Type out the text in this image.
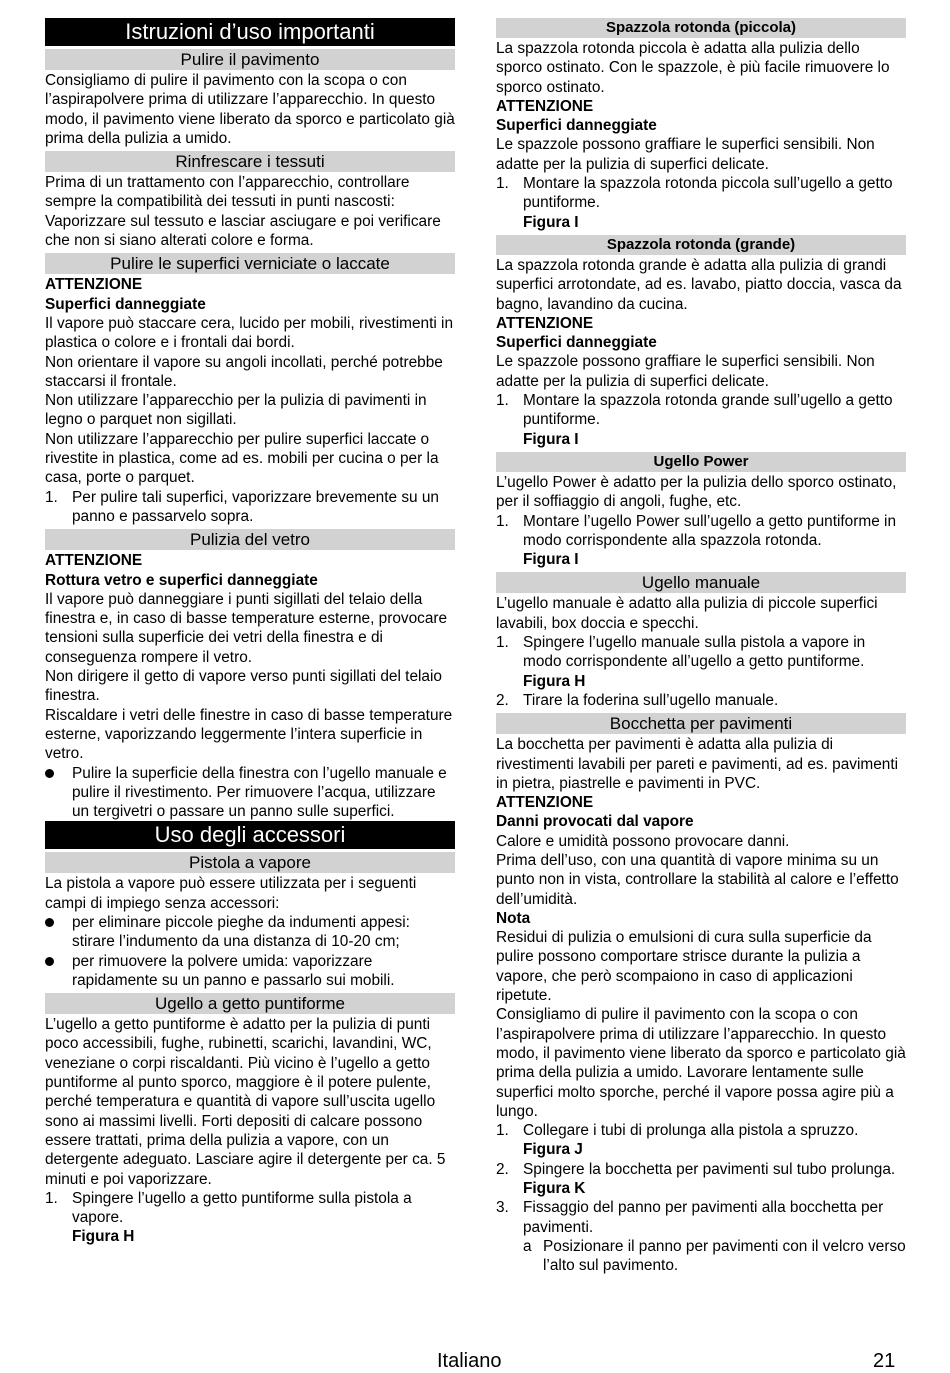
Istruzioni d’uso importanti
Pulire il pavimento
Consigliamo di pulire il pavimento con la scopa o con l’aspirapolvere prima di utilizzare l’apparecchio. In questo modo, il pavimento viene liberato da sporco e particolato già prima della pulizia a umido.
Rinfrescare i tessuti
Prima di un trattamento con l’apparecchio, controllare sempre la compatibilità dei tessuti in punti nascosti: Vaporizzare sul tessuto e lasciar asciugare e poi verificare che non si siano alterati colore e forma.
Pulire le superfici verniciate o laccate
ATTENZIONE
Superfici danneggiate
Il vapore può staccare cera, lucido per mobili, rivestimenti in plastica o colore e i frontali dai bordi.
Non orientare il vapore su angoli incollati, perché potrebbe staccarsi il frontale.
Non utilizzare l’apparecchio per la pulizia di pavimenti in legno o parquet non sigillati.
Non utilizzare l’apparecchio per pulire superfici laccate o rivestite in plastica, come ad es. mobili per cucina o per la casa, porte o parquet.
1. Per pulire tali superfici, vaporizzare brevemente su un panno e passarvelo sopra.
Pulizia del vetro
ATTENZIONE
Rottura vetro e superfici danneggiate
Il vapore può danneggiare i punti sigillati del telaio della finestra e, in caso di basse temperature esterne, provocare tensioni sulla superficie dei vetri della finestra e di conseguenza rompere il vetro.
Non dirigere il getto di vapore verso punti sigillati del telaio finestra.
Riscaldare i vetri delle finestre in caso di basse temperature esterne, vaporizzando leggermente l’intera superficie in vetro.
Pulire la superficie della finestra con l’ugello manuale e pulire il rivestimento. Per rimuovere l’acqua, utilizzare un tergivetri o passare un panno sulle superfici.
Uso degli accessori
Pistola a vapore
La pistola a vapore può essere utilizzata per i seguenti campi di impiego senza accessori:
per eliminare piccole pieghe da indumenti appesi: stirare l’indumento da una distanza di 10-20 cm;
per rimuovere la polvere umida: vaporizzare rapidamente su un panno e passarlo sui mobili.
Ugello a getto puntiforme
L’ugello a getto puntiforme è adatto per la pulizia di punti poco accessibili, fughe, rubinetti, scarichi, lavandini, WC, veneziane o corpi riscaldanti. Più vicino è l’ugello a getto puntiforme al punto sporco, maggiore è il potere pulente, perché temperatura e quantità di vapore sull’uscita ugello sono ai massimi livelli. Forti depositi di calcare possono essere trattati, prima della pulizia a vapore, con un detergente adeguato. Lasciare agire il detergente per ca. 5 minuti e poi vaporizzare.
1. Spingere l’ugello a getto puntiforme sulla pistola a vapore.
Figura H
Spazzola rotonda (piccola)
La spazzola rotonda piccola è adatta alla pulizia dello sporco ostinato. Con le spazzole, è più facile rimuovere lo sporco ostinato.
ATTENZIONE
Superfici danneggiate
Le spazzole possono graffiare le superfici sensibili. Non adatte per la pulizia di superfici delicate.
1. Montare la spazzola rotonda piccola sull’ugello a getto puntiforme.
Figura I
Spazzola rotonda (grande)
La spazzola rotonda grande è adatta alla pulizia di grandi superfici arrotondate, ad es. lavabo, piatto doccia, vasca da bagno, lavandino da cucina.
ATTENZIONE
Superfici danneggiate
Le spazzole possono graffiare le superfici sensibili. Non adatte per la pulizia di superfici delicate.
1. Montare la spazzola rotonda grande sull’ugello a getto puntiforme.
Figura I
Ugello Power
L’ugello Power è adatto per la pulizia dello sporco ostinato, per il soffiaggio di angoli, fughe, etc.
1. Montare l’ugello Power sull’ugello a getto puntiforme in modo corrispondente alla spazzola rotonda.
Figura I
Ugello manuale
L’ugello manuale è adatto alla pulizia di piccole superfici lavabili, box doccia e specchi.
1. Spingere l’ugello manuale sulla pistola a vapore in modo corrispondente all’ugello a getto puntiforme.
Figura H
2. Tirare la foderina sull’ugello manuale.
Bocchetta per pavimenti
La bocchetta per pavimenti è adatta alla pulizia di rivestimenti lavabili per pareti e pavimenti, ad es. pavimenti in pietra, piastrelle e pavimenti in PVC.
ATTENZIONE
Danni provocati dal vapore
Calore e umidità possono provocare danni.
Prima dell’uso, con una quantità di vapore minima su un punto non in vista, controllare la stabilità al calore e l’effetto dell’umidità.
Nota
Residui di pulizia o emulsioni di cura sulla superficie da pulire possono comportare strisce durante la pulizia a vapore, che però scompaiono in caso di applicazioni ripetute.
Consigliamo di pulire il pavimento con la scopa o con l’aspirapolvere prima di utilizzare l’apparecchio. In questo modo, il pavimento viene liberato da sporco e particolato già prima della pulizia a umido. Lavorare lentamente sulle superfici molto sporche, perché il vapore possa agire più a lungo.
1. Collegare i tubi di prolunga alla pistola a spruzzo.
Figura J
2. Spingere la bocchetta per pavimenti sul tubo prolunga.
Figura K
3. Fissaggio del panno per pavimenti alla bocchetta per pavimenti.
a Posizionare il panno per pavimenti con il velcro verso l’alto sul pavimento.
Italiano	21
